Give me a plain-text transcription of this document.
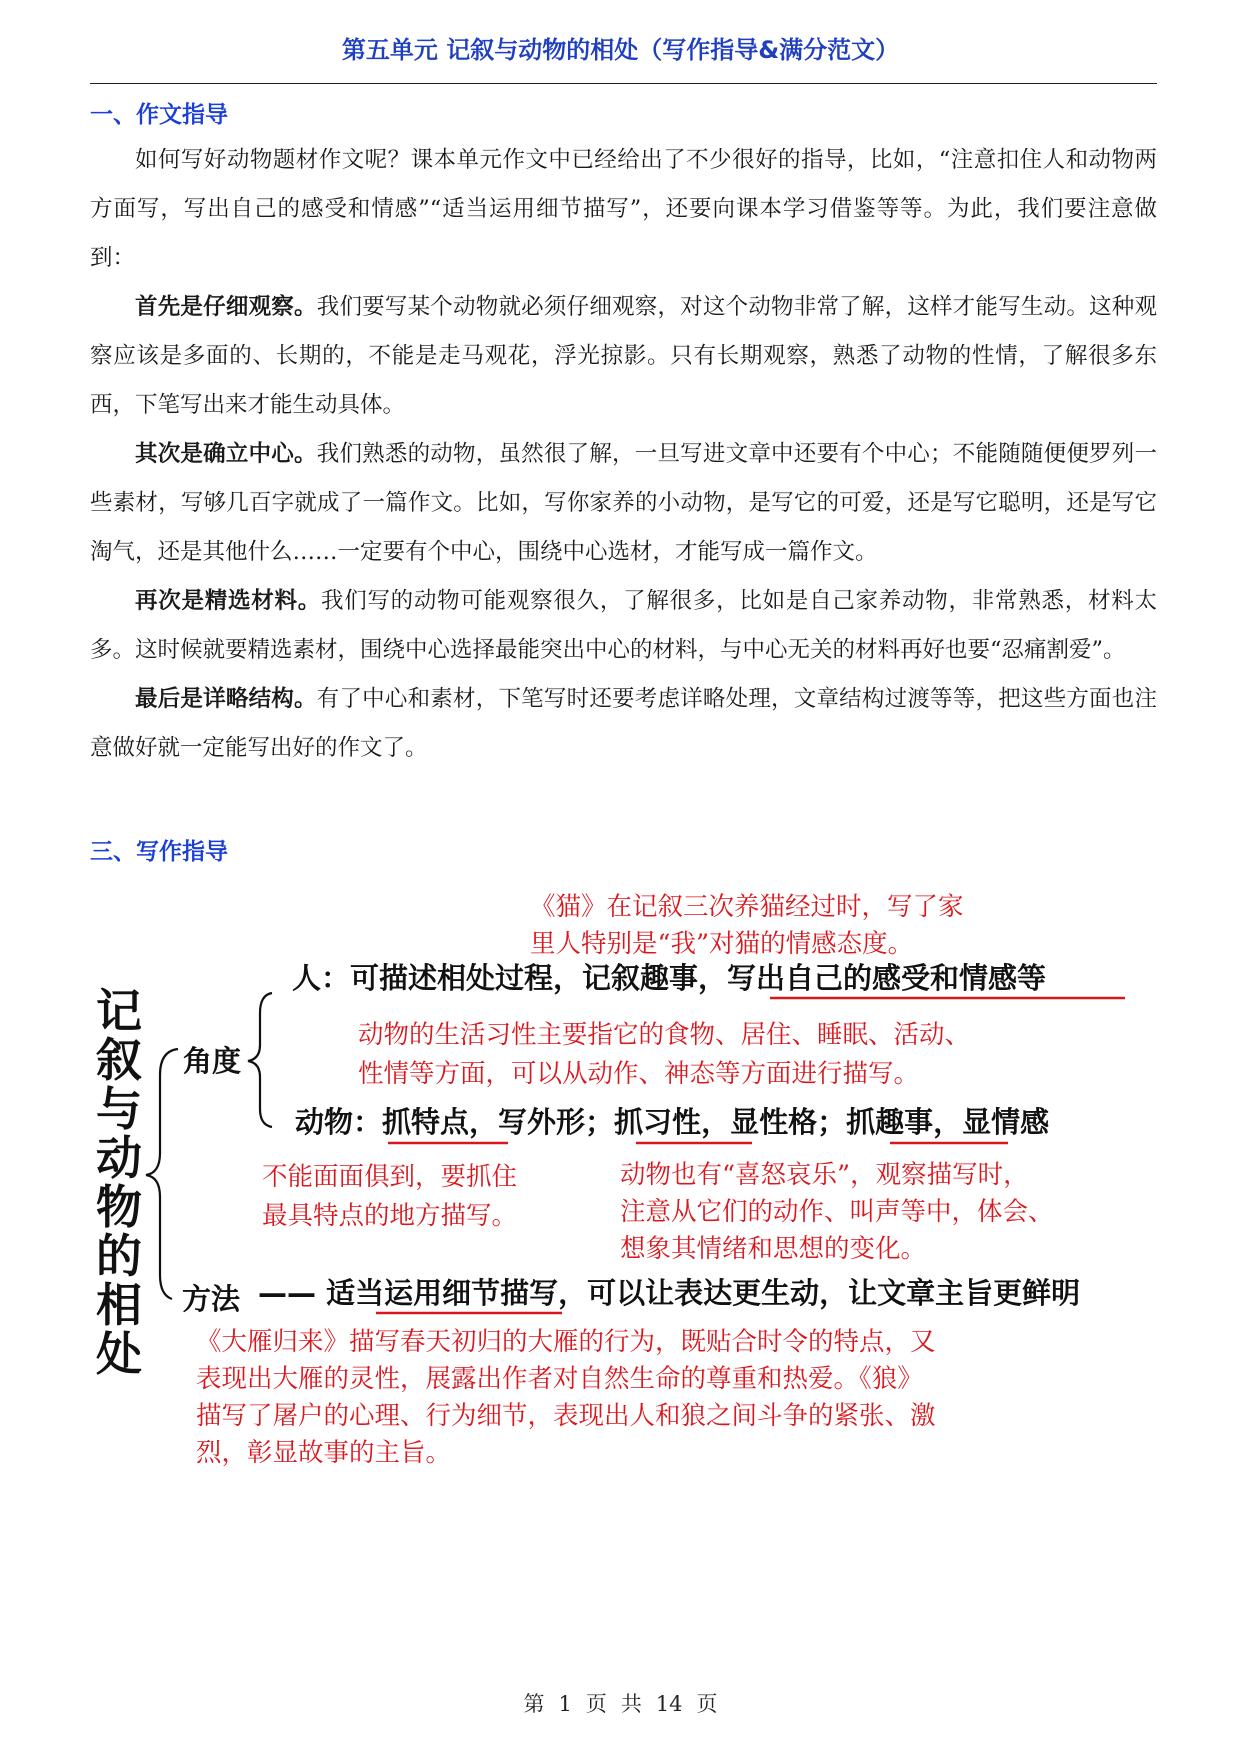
第五单元 记叙与动物的相处（写作指导&满分范文）
一、作文指导

如何写好动物题材作文呢？课本单元作文中已经给出了不少很好的指导，比如，“注意扣住人和动物两方面写，写出自己的感受和情感”“适当运用细节描写”，还要向课本学习借鉴等等。为此，我们要注意做到：

首先是仔细观察。我们要写某个动物就必须仔细观察，对这个动物非常了解，这样才能写生动。这种观察应该是多面的、长期的，不能是走马观花，浮光掠影。只有长期观察，熟悉了动物的性情，了解很多东西，下笔写出来才能生动具体。

其次是确立中心。我们熟悉的动物，虽然很了解，一旦写进文章中还要有个中心；不能随随便便罗列一些素材，写够几百字就成了一篇作文。比如，写你家养的小动物，是写它的可爱，还是写它聪明，还是写它淘气，还是其他什么……一定要有个中心，围绕中心选材，才能写成一篇作文。

再次是精选材料。我们写的动物可能观察很久，了解很多，比如是自己家养动物，非常熟悉，材料太多。这时候就要精选素材，围绕中心选择最能突出中心的材料，与中心无关的材料再好也要“忍痛割爱”。

最后是详略结构。有了中心和素材，下笔写时还要考虑详略处理，文章结构过渡等等，把这些方面也注意做好就一定能写出好的作文了。

三、写作指导
《猫》在记叙三次养猫经过时，写了家
里人特别是“我”对猫的情感态度。
记
叙
与
动
物
的
相
处
角度
人：可描述相处过程，记叙趣事，写出自己的感受和情感等
动物的生活习性主要指它的食物、居住、睡眠、活动、
性情等方面，可以从动作、神态等方面进行描写。
动物：抓特点，写外形；抓习性，显性格；抓趣事，显情感
不能面面俱到，要抓住
最具特点的地方描写。
动物也有“喜怒哀乐”，观察描写时，
注意从它们的动作、叫声等中，体会、
想象其情绪和思想的变化。
方法 —— 适当运用细节描写，可以让表达更生动，让文章主旨更鲜明
《大雁归来》描写春天初归的大雁的行为，既贴合时令的特点，又
表现出大雁的灵性，展露出作者对自然生命的尊重和热爱。《狼》
描写了屠户的心理、行为细节，表现出人和狼之间斗争的紧张、激
烈，彰显故事的主旨。
第 1 页 共 14 页
